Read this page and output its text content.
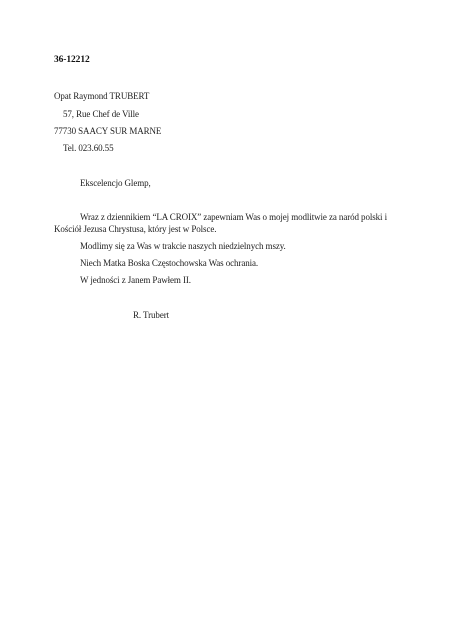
36-12212
Opat Raymond TRUBERT
57, Rue Chef de Ville
77730 SAACY SUR MARNE
Tel. 023.60.55
Ekscelencjo Glemp,
Wraz z dziennikiem “LA CROIX” zapewniam Was o mojej modlitwie za naród polski i
Kościół Jezusa Chrystusa, który jest w Polsce.
Modlimy się za Was w trakcie naszych niedzielnych mszy.
Niech Matka Boska Częstochowska Was ochrania.
W jedności z Janem Pawłem II.
R. Trubert
